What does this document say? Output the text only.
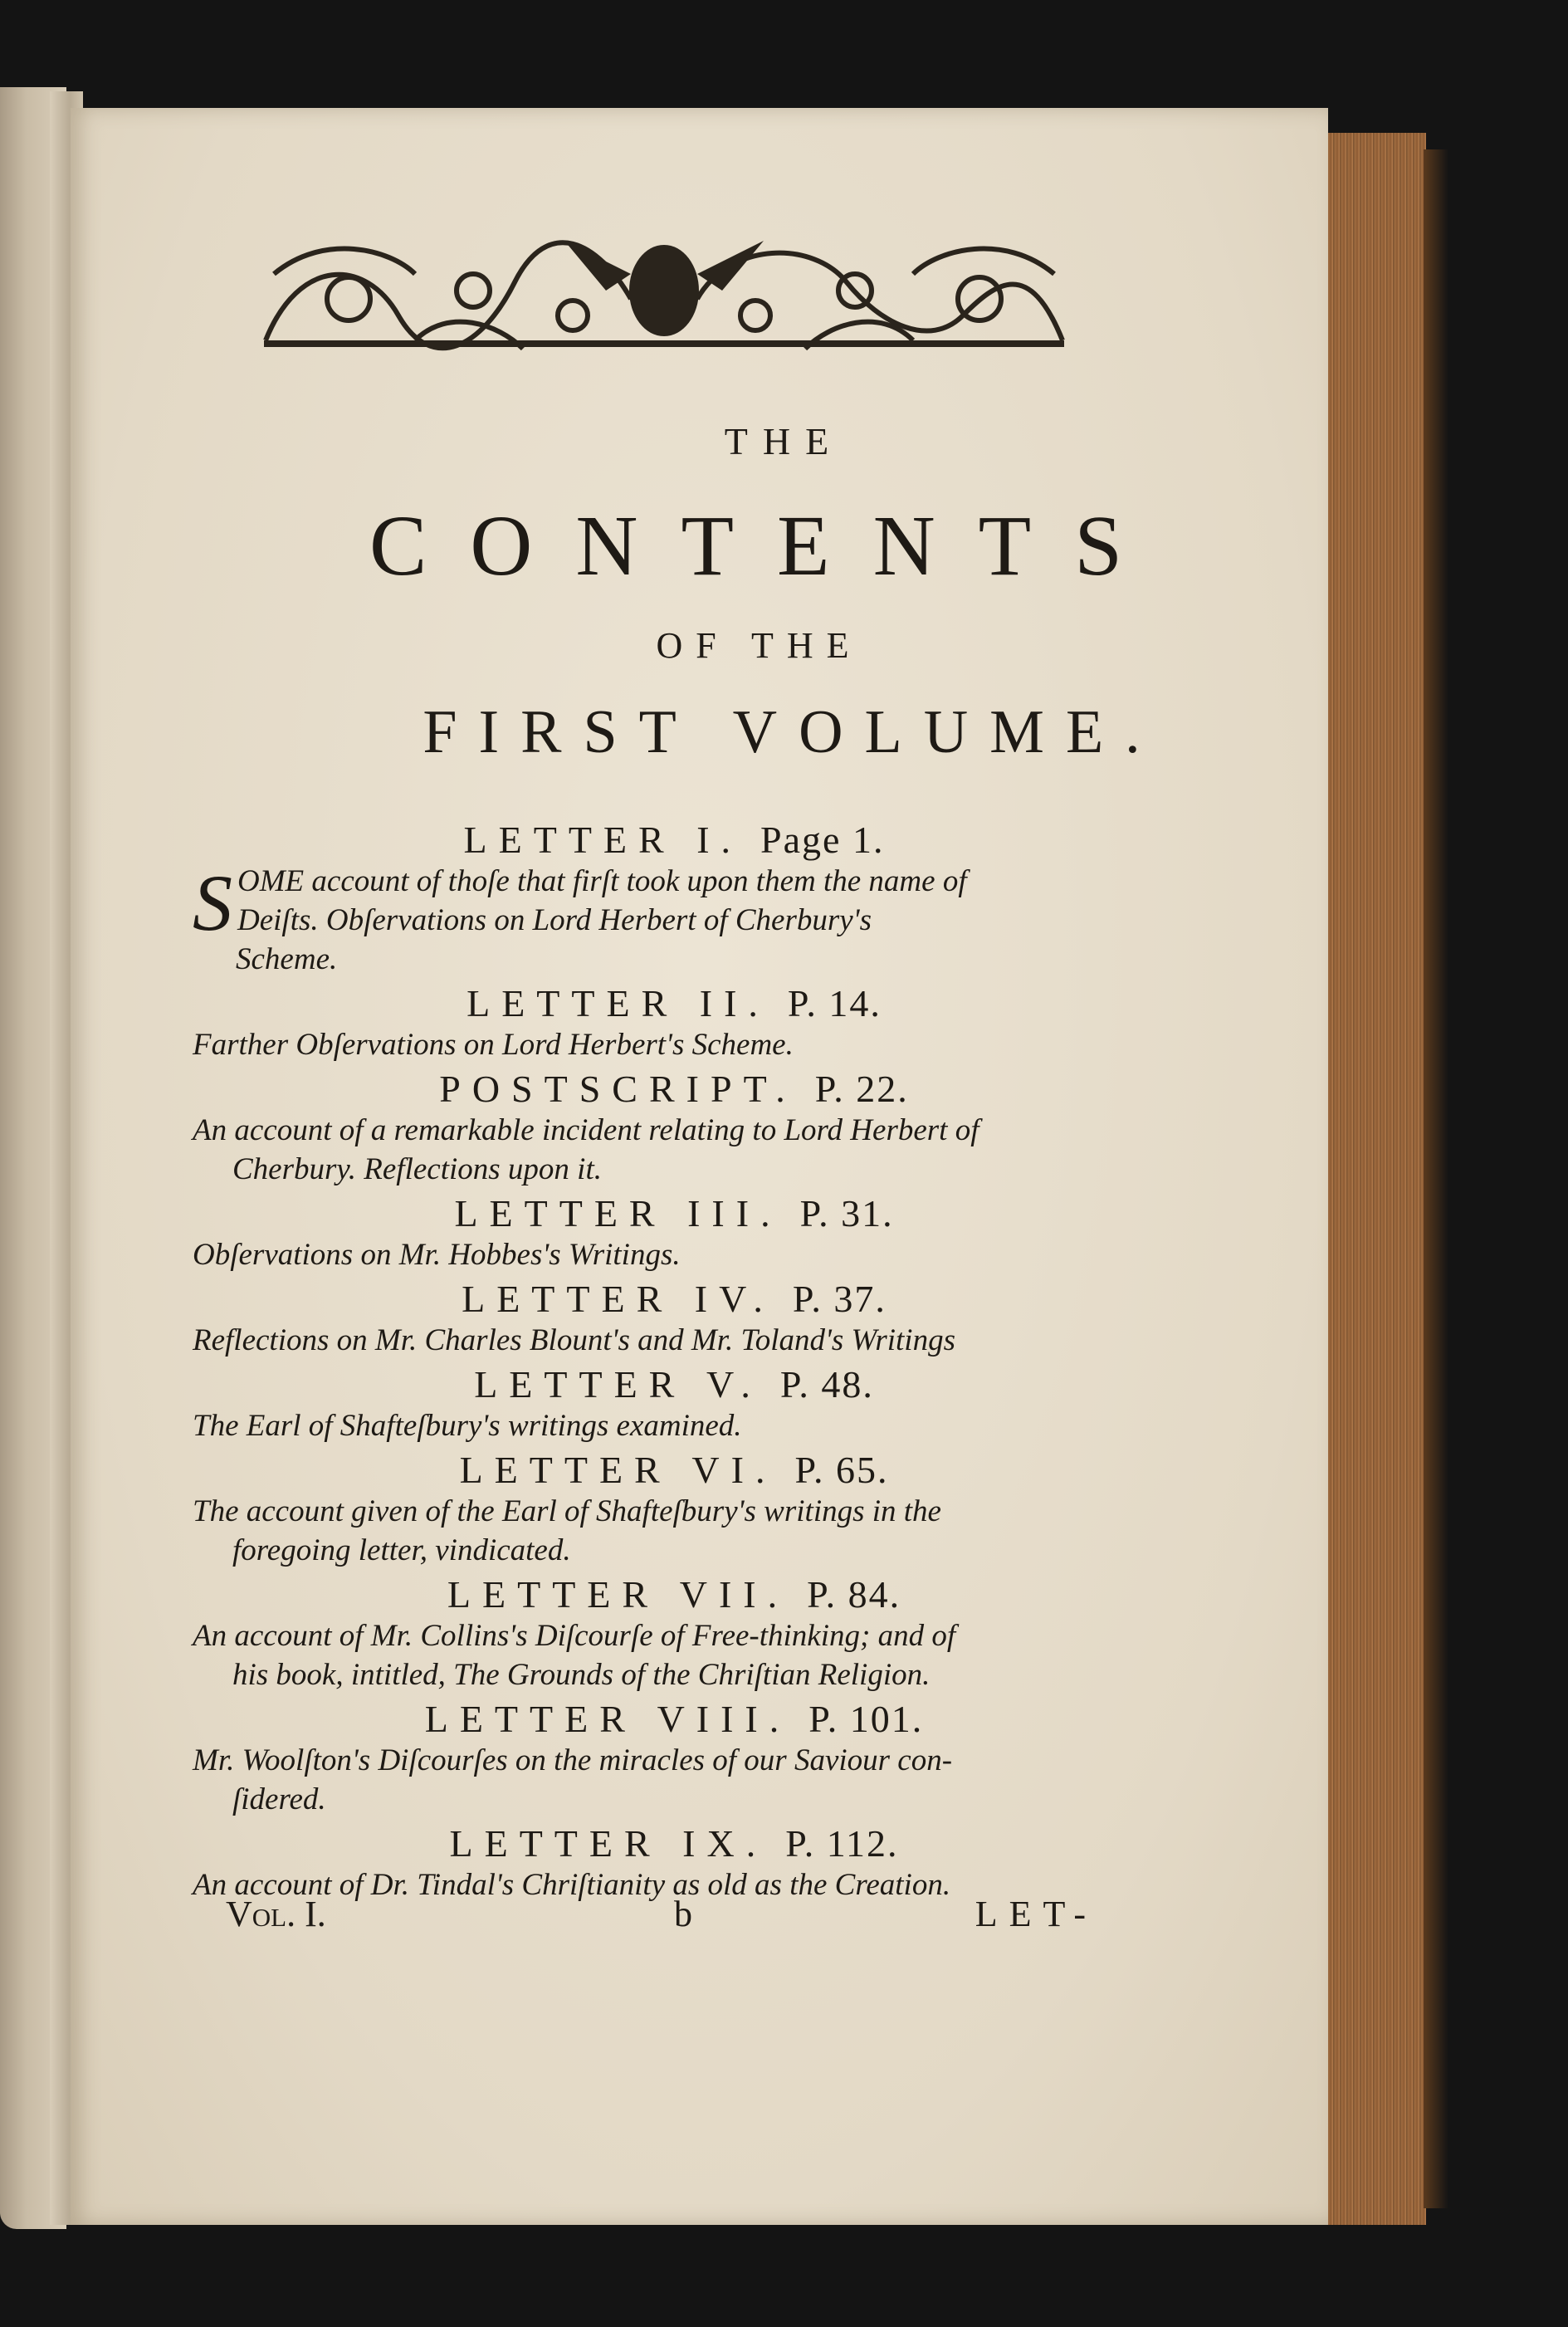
THE
CONTENTS
OF THE
FIRST VOLUME.
LETTER I. Page 1.
S OME account of thoſe that firſt took upon them the name of
Deiſts. Obſervations on Lord Herbert of Cherbury's
Scheme.
LETTER II. P. 14.
Farther Obſervations on Lord Herbert's Scheme.
POSTSCRIPT. P. 22.
An account of a remarkable incident relating to Lord Herbert of
Cherbury. Reflections upon it.
LETTER III. P. 31.
Obſervations on Mr. Hobbes's Writings.
LETTER IV. P. 37.
Reflections on Mr. Charles Blount's and Mr. Toland's Writings
LETTER V. P. 48.
The Earl of Shafteſbury's writings examined.
LETTER VI. P. 65.
The account given of the Earl of Shafteſbury's writings in the
foregoing letter, vindicated.
LETTER VII. P. 84.
An account of Mr. Collins's Diſcourſe of Free-thinking; and of
his book, intitled, The Grounds of the Chriſtian Religion.
LETTER VIII. P. 101.
Mr. Woolſton's Diſcourſes on the miracles of our Saviour con-
ſidered.
LETTER IX. P. 112.
An account of Dr. Tindal's Chriſtianity as old as the Creation.
Vol. I.	b	LET-
